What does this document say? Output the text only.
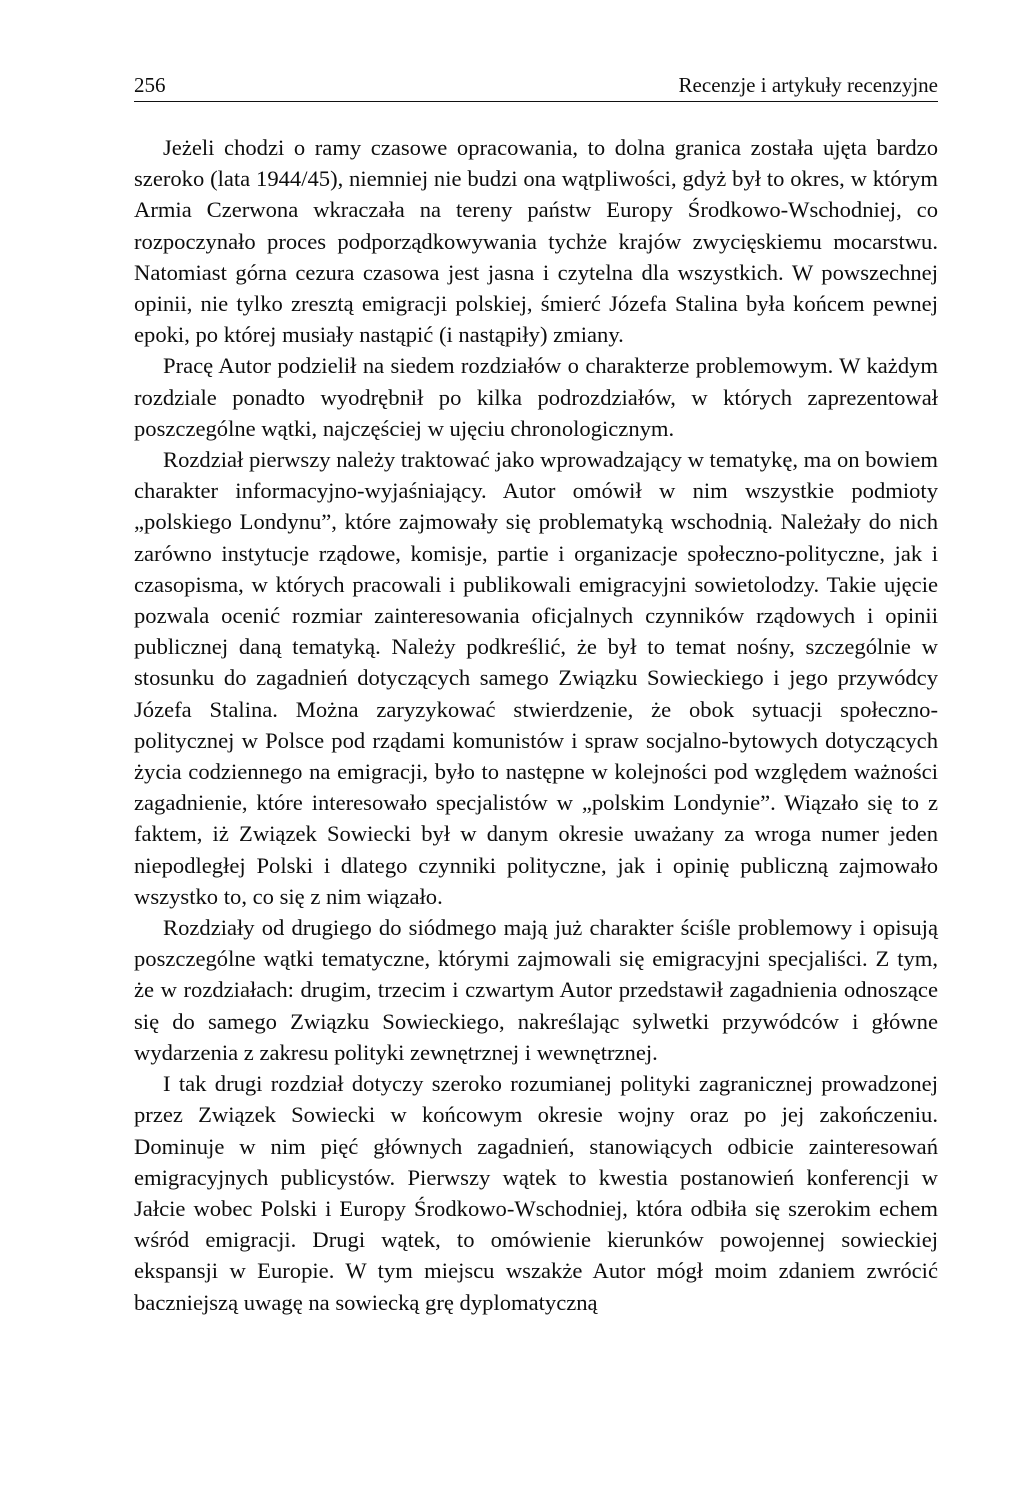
256	Recenzje i artykuły recenzyjne

Jeżeli chodzi o ramy czasowe opracowania, to dolna granica została ujęta bardzo szeroko (lata 1944/45), niemniej nie budzi ona wątpliwości, gdyż był to okres, w którym Armia Czerwona wkraczała na tereny państw Europy Środkowo-Wschodniej, co rozpoczynało proces podporządkowywania tychże krajów zwycięskiemu mocarstwu. Natomiast górna cezura czasowa jest jasna i czytelna dla wszystkich. W powszechnej opinii, nie tylko zresztą emigracji polskiej, śmierć Józefa Stalina była końcem pewnej epoki, po której musiały nastąpić (i nastąpiły) zmiany.

Pracę Autor podzielił na siedem rozdziałów o charakterze problemowym. W każdym rozdziale ponadto wyodrębnił po kilka podrozdziałów, w których zaprezentował poszczególne wątki, najczęściej w ujęciu chronologicznym.

Rozdział pierwszy należy traktować jako wprowadzający w tematykę, ma on bowiem charakter informacyjno-wyjaśniający. Autor omówił w nim wszystkie podmioty „polskiego Londynu”, które zajmowały się problematyką wschodnią. Należały do nich zarówno instytucje rządowe, komisje, partie i organizacje społeczno-polityczne, jak i czasopisma, w których pracowali i publikowali emigracyjni sowietolodzy. Takie ujęcie pozwala ocenić rozmiar zainteresowania oficjalnych czynników rządowych i opinii publicznej daną tematyką. Należy podkreślić, że był to temat nośny, szczególnie w stosunku do zagadnień dotyczących samego Związku Sowieckiego i jego przywódcy Józefa Stalina. Można zaryzykować stwierdzenie, że obok sytuacji społeczno-politycznej w Polsce pod rządami komunistów i spraw socjalno-bytowych dotyczących życia codziennego na emigracji, było to następne w kolejności pod względem ważności zagadnienie, które interesowało specjalistów w „polskim Londynie”. Wiązało się to z faktem, iż Związek Sowiecki był w danym okresie uważany za wroga numer jeden niepodległej Polski i dlatego czynniki polityczne, jak i opinię publiczną zajmowało wszystko to, co się z nim wiązało.

Rozdziały od drugiego do siódmego mają już charakter ściśle problemowy i opisują poszczególne wątki tematyczne, którymi zajmowali się emigracyjni specjaliści. Z tym, że w rozdziałach: drugim, trzecim i czwartym Autor przedstawił zagadnienia odnoszące się do samego Związku Sowieckiego, nakreślając sylwetki przywódców i główne wydarzenia z zakresu polityki zewnętrznej i wewnętrznej.

I tak drugi rozdział dotyczy szeroko rozumianej polityki zagranicznej prowadzonej przez Związek Sowiecki w końcowym okresie wojny oraz po jej zakończeniu. Dominuje w nim pięć głównych zagadnień, stanowiących odbicie zainteresowań emigracyjnych publicystów. Pierwszy wątek to kwestia postanowień konferencji w Jałcie wobec Polski i Europy Środkowo-Wschodniej, która odbiła się szerokim echem wśród emigracji. Drugi wątek, to omówienie kierunków powojennej sowieckiej ekspansji w Europie. W tym miejscu wszakże Autor mógł moim zdaniem zwrócić baczniejszą uwagę na sowiecką grę dyplomatyczną
